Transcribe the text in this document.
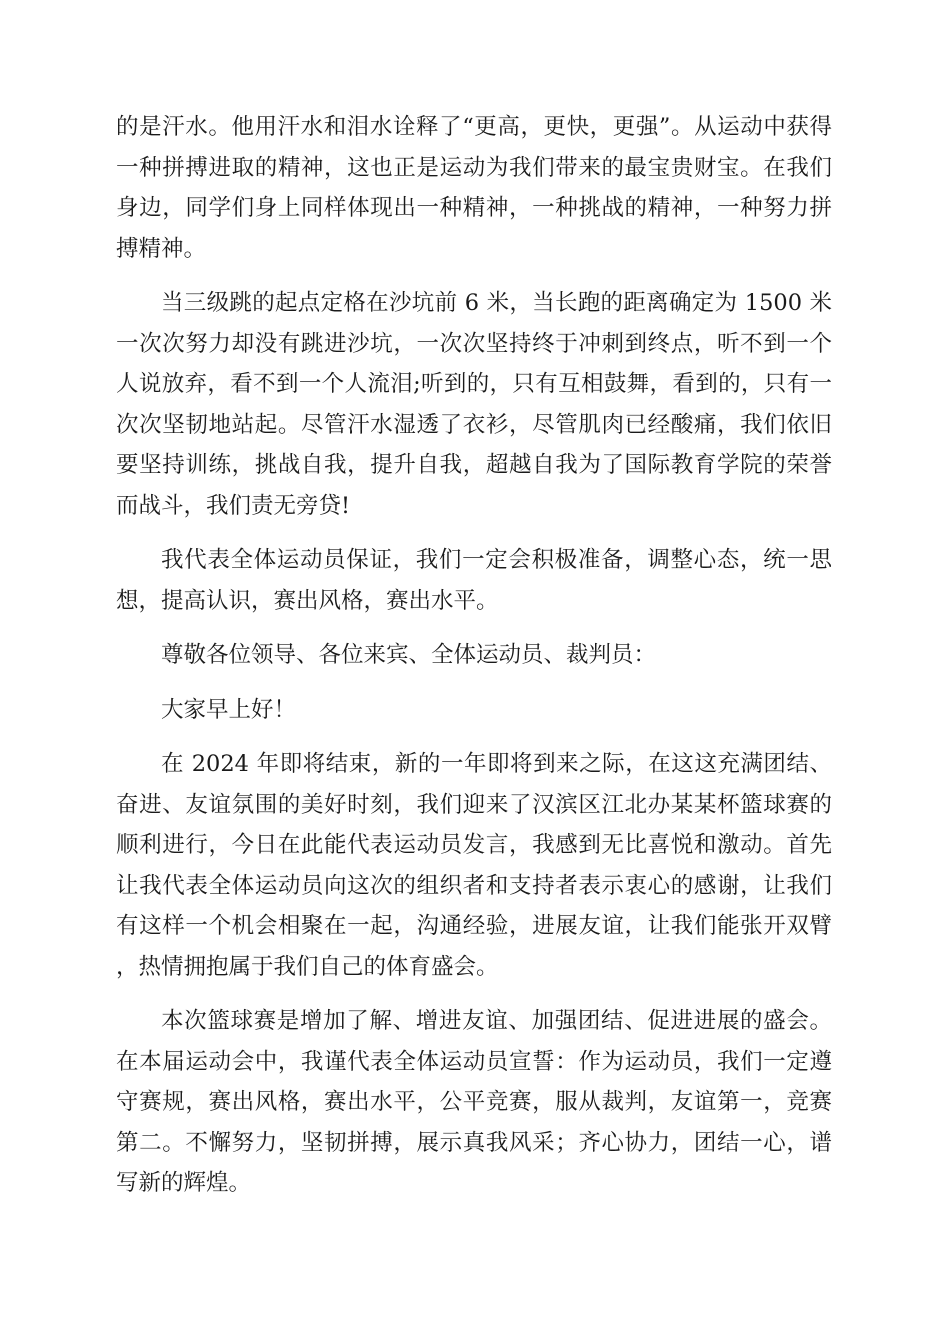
的是汗水。他用汗水和泪水诠释了“更高，更快，更强”。从运动中获得一种拼搏进取的精神，这也正是运动为我们带来的最宝贵财宝。在我们身边，同学们身上同样体现出一种精神，一种挑战的精神，一种努力拼搏精神。

当三级跳的起点定格在沙坑前 6 米，当长跑的距离确定为 1500 米一次次努力却没有跳进沙坑，一次次坚持终于冲刺到终点，听不到一个人说放弃，看不到一个人流泪;听到的，只有互相鼓舞，看到的，只有一次次坚韧地站起。尽管汗水湿透了衣衫，尽管肌肉已经酸痛，我们依旧要坚持训练，挑战自我，提升自我，超越自我为了国际教育学院的荣誉而战斗，我们责无旁贷!

我代表全体运动员保证，我们一定会积极准备，调整心态，统一思想，提高认识，赛出风格，赛出水平。

尊敬各位领导、各位来宾、全体运动员、裁判员：

大家早上好！

在 2024 年即将结束，新的一年即将到来之际，在这这充满团结、奋进、友谊氛围的美好时刻，我们迎来了汉滨区江北办某某杯篮球赛的顺利进行，今日在此能代表运动员发言，我感到无比喜悦和激动。首先让我代表全体运动员向这次的组织者和支持者表示衷心的感谢，让我们有这样一个机会相聚在一起，沟通经验，进展友谊，让我们能张开双臂，热情拥抱属于我们自己的体育盛会。

本次篮球赛是增加了解、增进友谊、加强团结、促进进展的盛会。在本届运动会中，我谨代表全体运动员宣誓：作为运动员，我们一定遵守赛规，赛出风格，赛出水平，公平竞赛，服从裁判，友谊第一，竞赛第二。不懈努力，坚韧拼搏，展示真我风采；齐心协力，团结一心，谱写新的辉煌。
